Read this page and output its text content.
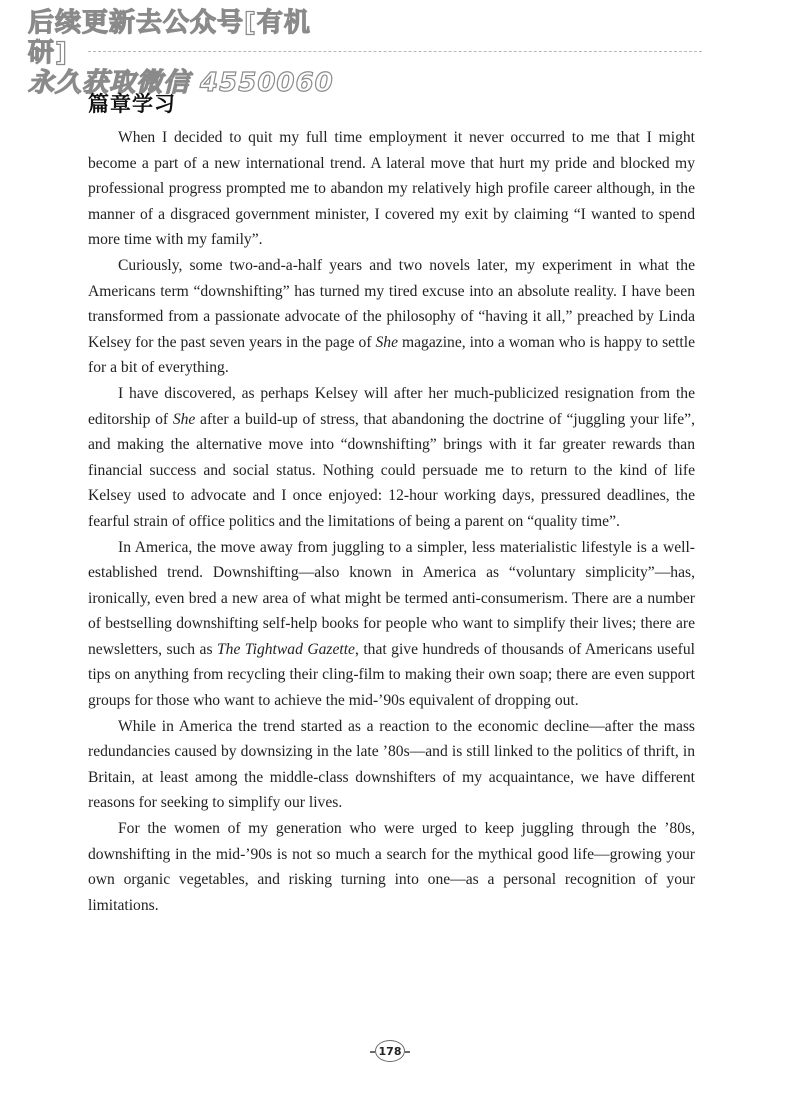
后续更新去公众号[有机研]
永久获取微信 4550060
篇章学习

When I decided to quit my full time employment it never occurred to me that I might become a part of a new international trend. A lateral move that hurt my pride and blocked my professional progress prompted me to abandon my relatively high profile career although, in the manner of a disgraced government minister, I covered my exit by claiming “I wanted to spend more time with my family”.

Curiously, some two-and-a-half years and two novels later, my experiment in what the Americans term “downshifting” has turned my tired excuse into an absolute reality. I have been transformed from a passionate advocate of the philosophy of “having it all,” preached by Linda Kelsey for the past seven years in the page of She magazine, into a woman who is happy to settle for a bit of everything.

I have discovered, as perhaps Kelsey will after her much-publicized resignation from the editorship of She after a build-up of stress, that abandoning the doctrine of “juggling your life”, and making the alternative move into “downshifting” brings with it far greater rewards than financial success and social status. Nothing could persuade me to return to the kind of life Kelsey used to advocate and I once enjoyed: 12-hour working days, pressured deadlines, the fearful strain of office politics and the limitations of being a parent on “quality time”.

In America, the move away from juggling to a simpler, less materialistic lifestyle is a well-established trend. Downshifting—also known in America as “voluntary simplicity”—has, ironically, even bred a new area of what might be termed anti-consumerism. There are a number of bestselling downshifting self-help books for people who want to simplify their lives; there are newsletters, such as The Tightwad Gazette, that give hundreds of thousands of Americans useful tips on anything from recycling their cling-film to making their own soap; there are even support groups for those who want to achieve the mid-’90s equivalent of dropping out.

While in America the trend started as a reaction to the economic decline—after the mass redundancies caused by downsizing in the late ’80s—and is still linked to the politics of thrift, in Britain, at least among the middle-class downshifters of my acquaintance, we have different reasons for seeking to simplify our lives.

For the women of my generation who were urged to keep juggling through the ’80s, downshifting in the mid-’90s is not so much a search for the mythical good life—growing your own organic vegetables, and risking turning into one—as a personal recognition of your limitations.

178
